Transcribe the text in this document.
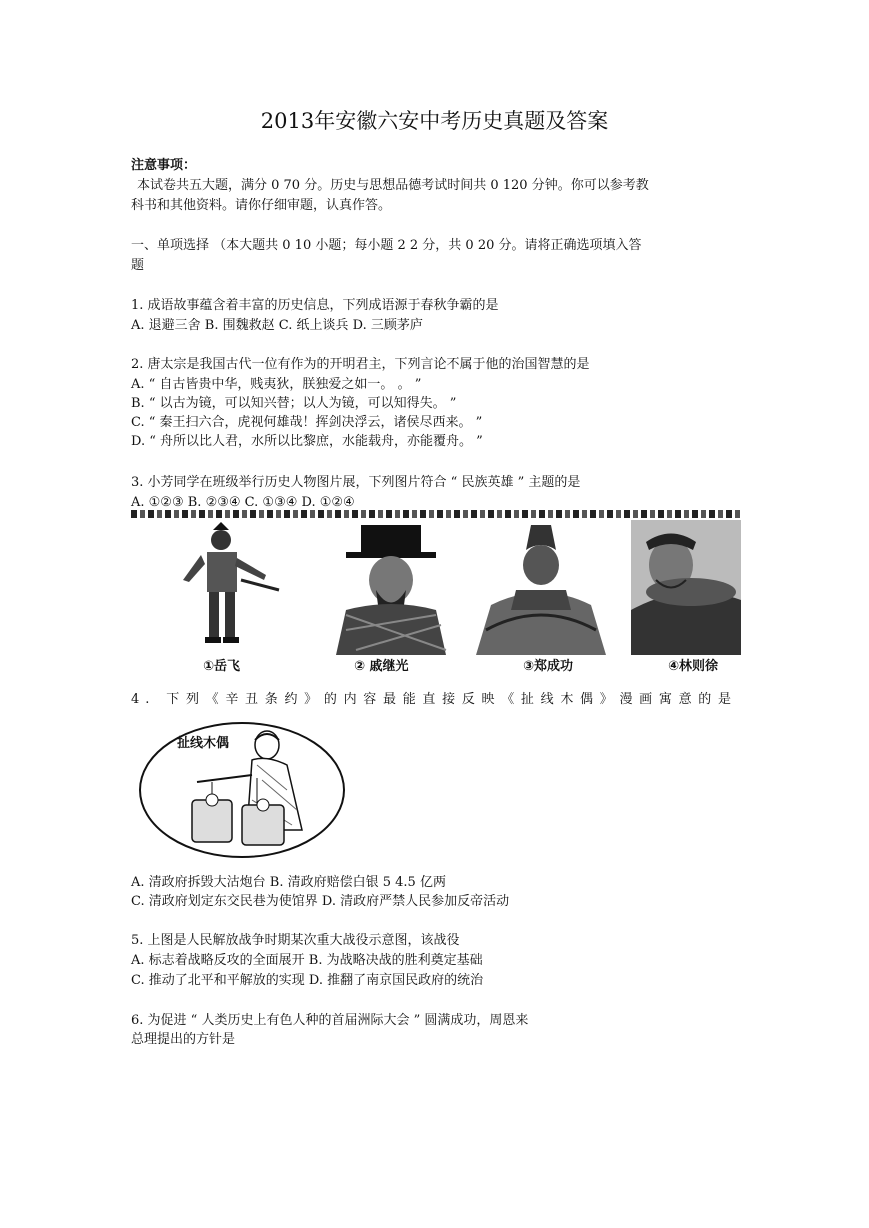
2013年安徽六安中考历史真题及答案
注意事项：
本试卷共五大题，满分 0 70 分。历史与思想品德考试时间共 0 120 分钟。你可以参考教
科书和其他资料。请你仔细审题，认真作答。
一、单项选择 （本大题共 0 10 小题；每小题 2 2 分，共 0 20 分。请将正确选项填入答
题
1. 成语故事蕴含着丰富的历史信息，下列成语源于春秋争霸的是
A. 退避三舍 B. 围魏救赵 C. 纸上谈兵 D. 三顾茅庐
2. 唐太宗是我国古代一位有作为的开明君主，下列言论不属于他的治国智慧的是
A. “ 自古皆贵中华，贱夷狄，朕独爱之如一。 。 ”
B. “ 以古为镜，可以知兴替；以人为镜，可以知得失。 ”
C. “ 秦王扫六合，虎视何雄哉！挥剑决浮云，诸侯尽西来。 ”
D. “ 舟所以比人君，水所以比黎庶，水能载舟，亦能覆舟。 ”
3. 小芳同学在班级举行历史人物图片展，下列图片符合 “ 民族英雄 ” 主题的是
A. ①②③ B. ②③④ C. ①③④ D. ①②④
①岳飞	② 戚继光	③郑成功	④林则徐
4. 下列《辛丑条约》的内容最能直接反映《扯线木偶》漫画寓意的是
扯线木偶
A. 清政府拆毁大沽炮台 B. 清政府赔偿白银 5 4.5 亿两
C. 清政府划定东交民巷为使馆界 D. 清政府严禁人民参加反帝活动
5. 上图是人民解放战争时期某次重大战役示意图，该战役
A. 标志着战略反攻的全面展开 B. 为战略决战的胜利奠定基础
C. 推动了北平和平解放的实现 D. 推翻了南京国民政府的统治
6. 为促进 “ 人类历史上有色人种的首届洲际大会 ” 圆满成功，周恩来
总理提出的方针是
